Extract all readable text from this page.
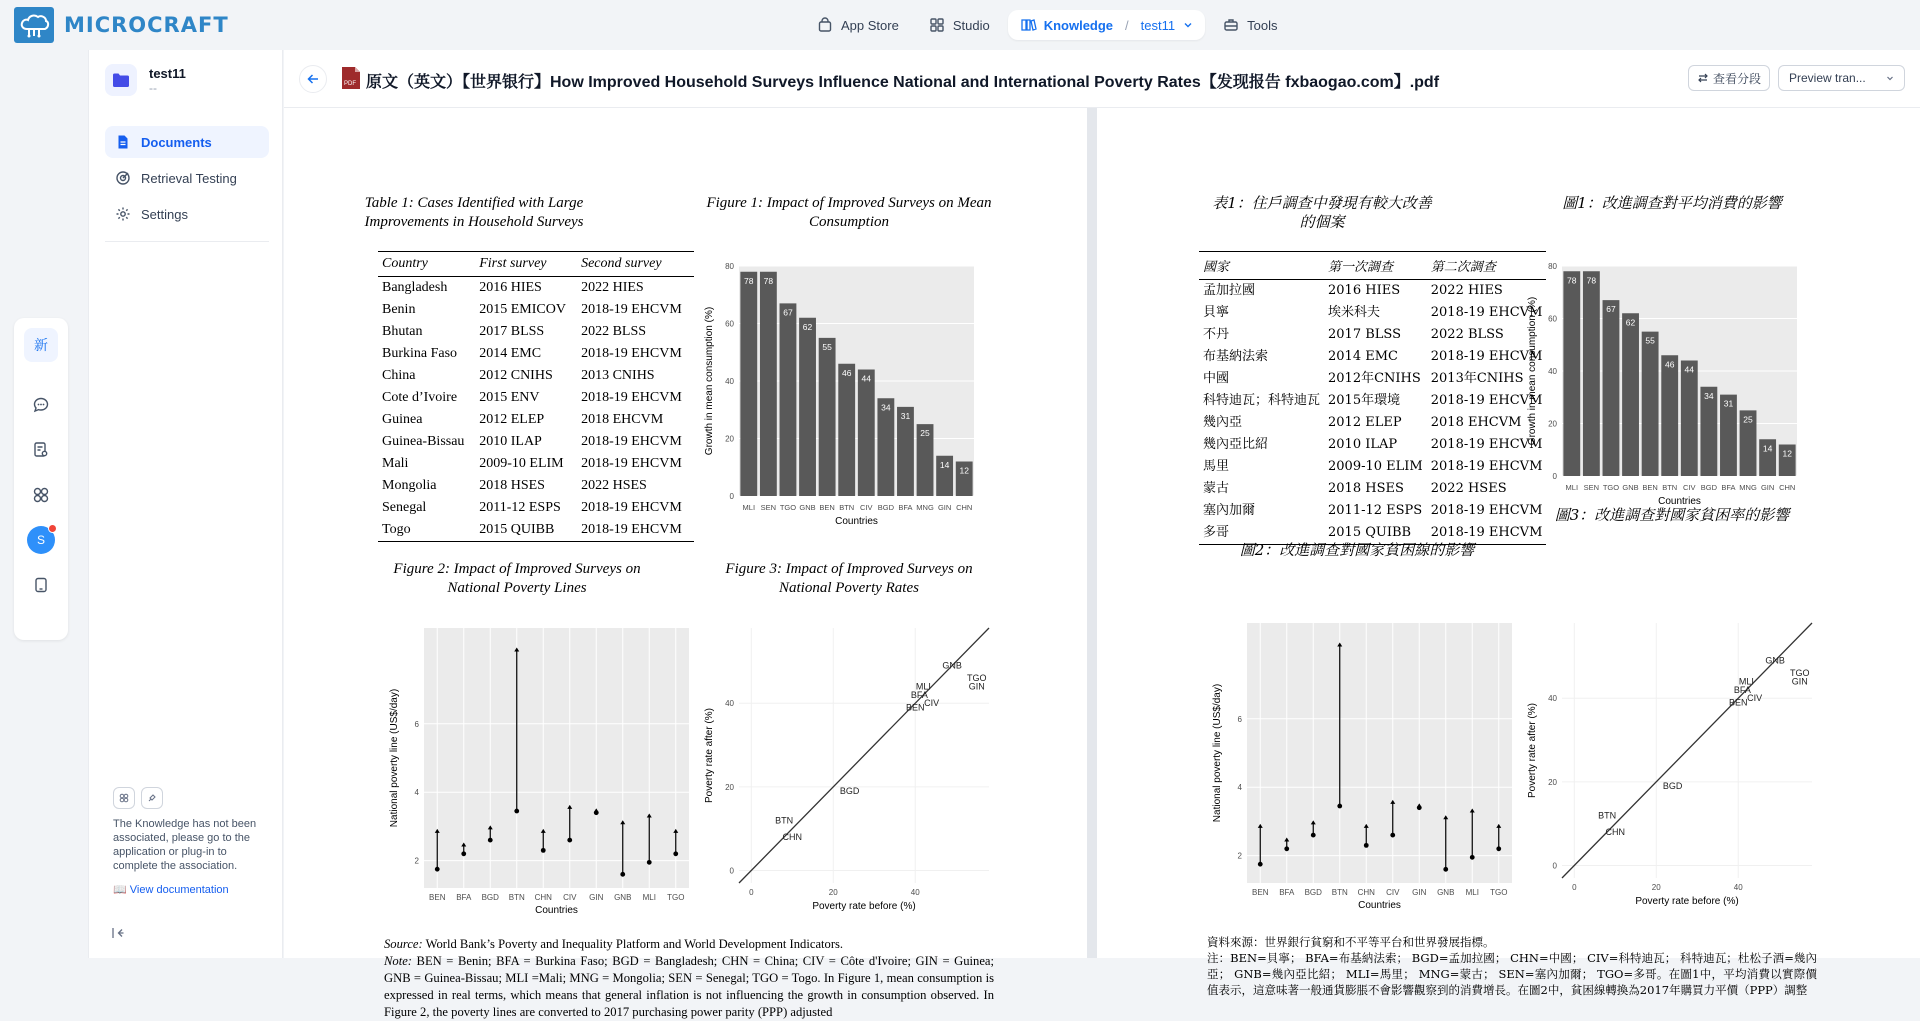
MICROCRAFT	App Store	Studio	Knowledge / test11	Tools
新
S
test11
--
Documents
Retrieval Testing
Settings

The Knowledge has not been associated, please go to the application or plug-in to complete the association.

📖 View documentation
PDF 原文（英文）【世界银行】How Improved Household Surveys Influence National and International Poverty Rates【发现报告 fxbaogao.com】.pdf	查看分段 Preview tran...
Table 1: Cases Identified with Large Improvements in Household Surveys
Country	First survey	Second survey
Bangladesh	2016 HIES	2022 HIES
Benin	2015 EMICOV	2018-19 EHCVM
Bhutan	2017 BLSS	2022 BLSS
Burkina Faso	2014 EMC	2018-19 EHCVM
China	2012 CNIHS	2013 CNIHS
Cote d’Ivoire	2015 ENV	2018-19 EHCVM
Guinea	2012 ELEP	2018 EHCVM
Guinea-Bissau	2010 ILAP	2018-19 EHCVM
Mali	2009-10 ELIM	2018-19 EHCVM
Mongolia	2018 HSES	2022 HSES
Senegal	2011-12 ESPS	2018-19 EHCVM
Togo	2015 QUIBB	2018-19 EHCVM
Figure 1: Impact of Improved Surveys on Mean Consumption
0
20
40
60
80
78
MLI
78
SEN
67
TGO
62
GNB
55
BEN
46
BTN
44
CIV
34
BGD
31
BFA
25
MNG
14
GIN
12
CHN
Countries
Growth in mean consumption (%)
Figure 2: Impact of Improved Surveys on National Poverty Lines
2
4
6
BEN BFA BGD BTN CHN CIV GIN GNB MLI TGO
Countries
National poverty line (US$/day)
Figure 3: Impact of Improved Surveys on National Poverty Rates
0	20	40
0
20
40
BTN
CHN
BGD
BEN
BFA
MLI
CIV
GNB
TGO
GIN
Poverty rate before (%)
Poverty rate after (%)
Source: World Bank’s Poverty and Inequality Platform and World Development Indicators.
Note: BEN = Benin; BFA = Burkina Faso; BGD = Bangladesh; CHN = China; CIV = Côte d'Ivoire; GIN = Guinea; GNB = Guinea-Bissau; MLI =Mali; MNG = Mongolia; SEN = Senegal; TGO = Togo. In Figure 1, mean consumption is expressed in real terms, which means that general inflation is not influencing the growth in consumption observed. In Figure 2, the poverty lines are converted to 2017 purchasing power parity (PPP) adjusted
表1：住戶調查中發現有較大改善的個案
國家	第一次調查	第二次調查
孟加拉國	2016 HIES	2022 HIES
貝寧	埃米科夫	2018-19 EHCVM
不丹	2017 BLSS	2022 BLSS
布基納法索	2014 EMC	2018-19 EHCVM
中國	2012年CNIHS	2013年CNIHS
科特迪瓦；科特迪瓦	2015年環境	2018-19 EHCVM
幾內亞	2012 ELEP	2018 EHCVM
幾內亞比紹	2010 ILAP	2018-19 EHCVM
馬里	2009-10 ELIM	2018-19 EHCVM
蒙古	2018 HSES	2022 HSES
塞內加爾	2011-12 ESPS	2018-19 EHCVM
多哥	2015 QUIBB	2018-19 EHCVM
圖1：改進調查對平均消費的影響
0
20
40
60
80
78
MLI
78
SEN
67
TGO
62
GNB
55
BEN
46
BTN
44
CIV
34
BGD
31
BFA
25
MNG
14
GIN
12
CHN
Countries
Growth in mean consumption (%)
圖2：改進調查對國家貧困線的影響
圖3：改進調查對國家貧困率的影響
2
4
6
BEN BFA BGD BTN CHN CIV GIN GNB MLI TGO
Countries
National poverty line (US$/day)
0	20	40
0
20
40
BTN
CHN
BGD
BEN
BFA
MLI
CIV
GNB
TGO
GIN
Poverty rate before (%)
Poverty rate after (%)
資料來源：世界銀行貧窮和不平等平台和世界發展指標。
注：BEN=貝寧； BFA=布基納法索； BGD=孟加拉國； CHN=中國； CIV=科特迪瓦； 科特迪瓦；杜松子酒=幾內亞； GNB=幾內亞比紹； MLI=馬里； MNG=蒙古； SEN=塞內加爾； TGO=多哥。在圖1中，平均消費以實際價值表示，這意味著一般通貨膨脹不會影響觀察到的消費增長。在圖2中，貧困線轉換為2017年購買力平價（PPP）調整
